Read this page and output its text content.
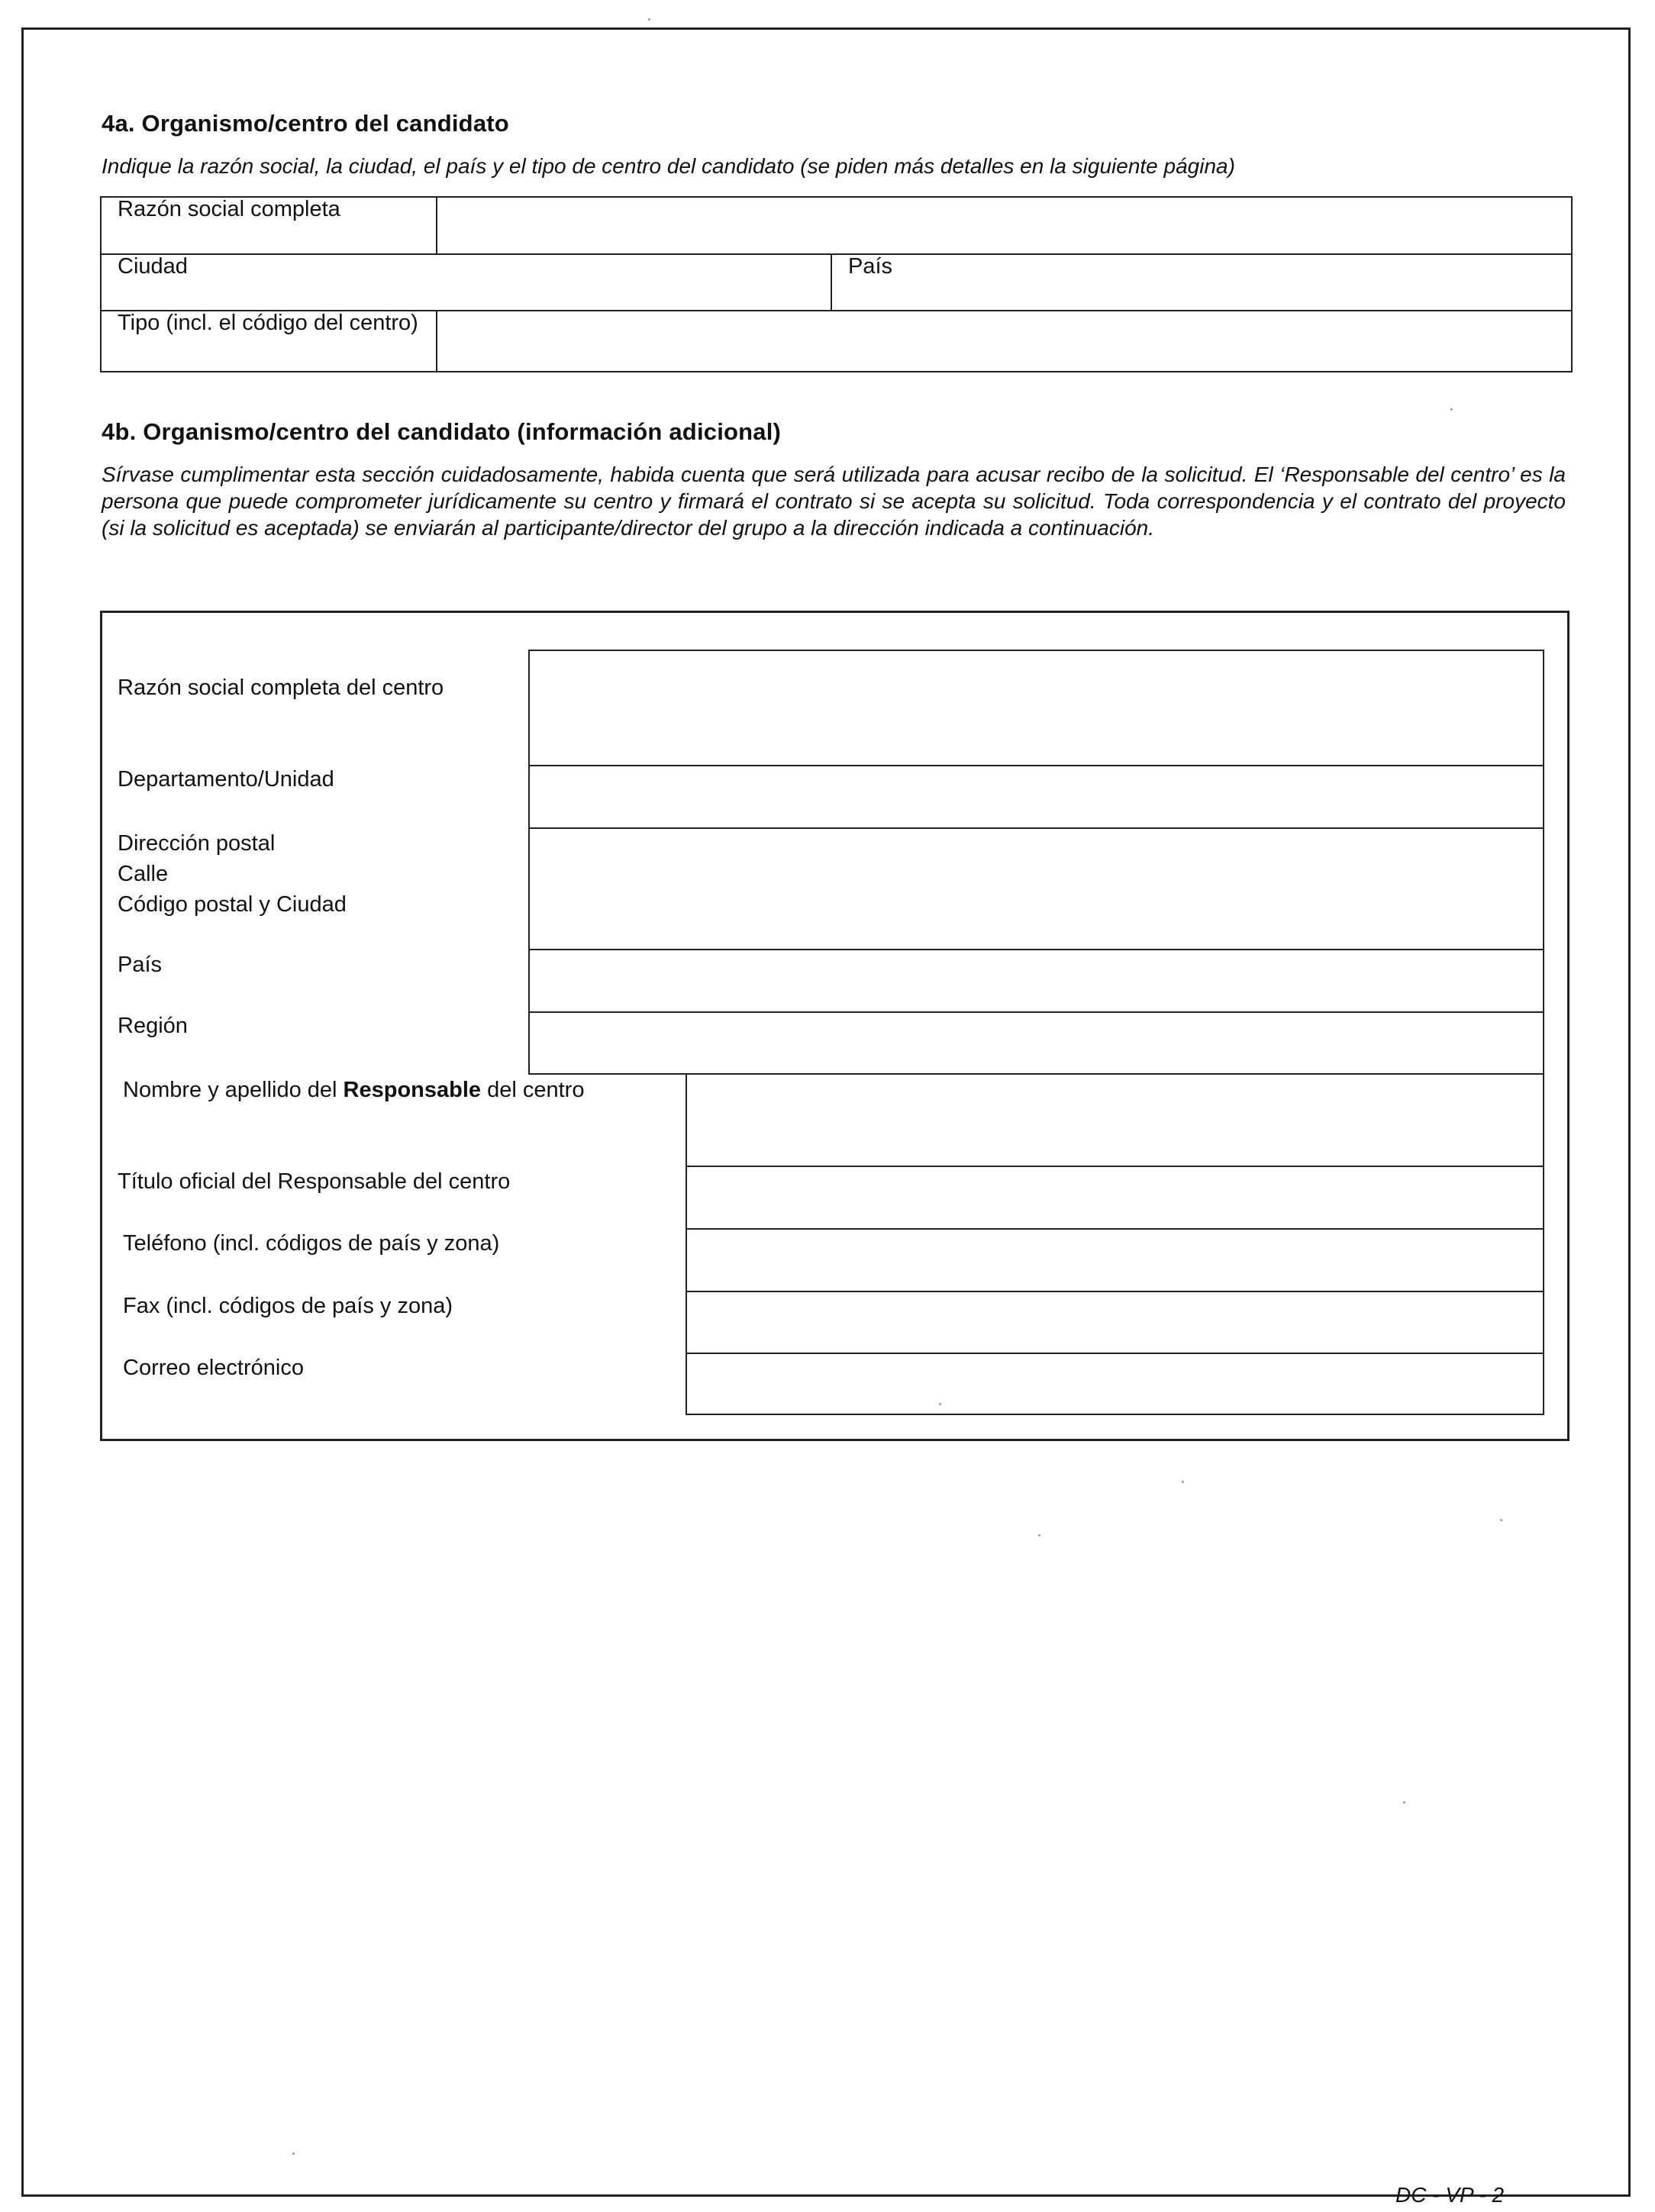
4a. Organismo/centro del candidato
Indique la razón social, la ciudad, el país y el tipo de centro del candidato (se piden más detalles en la siguiente página)
Razón social completa
Ciudad	País
Tipo (incl. el código del centro)
4b. Organismo/centro del candidato (información adicional)
Sírvase cumplimentar esta sección cuidadosamente, habida cuenta que será utilizada para acusar recibo de la solicitud. El ‘Responsable del centro’ es la persona que puede comprometer jurídicamente su centro y firmará el contrato si se acepta su solicitud. Toda correspondencia y el contrato del proyecto (si la solicitud es aceptada) se enviarán al participante/director del grupo a la dirección indicada a continuación.
Razón social completa del centro
Departamento/Unidad
Dirección postal
Calle
Código postal y Ciudad
País
Región
Nombre y apellido del Responsable del centro
Título oficial del Responsable del centro
Teléfono (incl. códigos de país y zona)
Fax (incl. códigos de país y zona)
Correo electrónico
DC - VP - 2
